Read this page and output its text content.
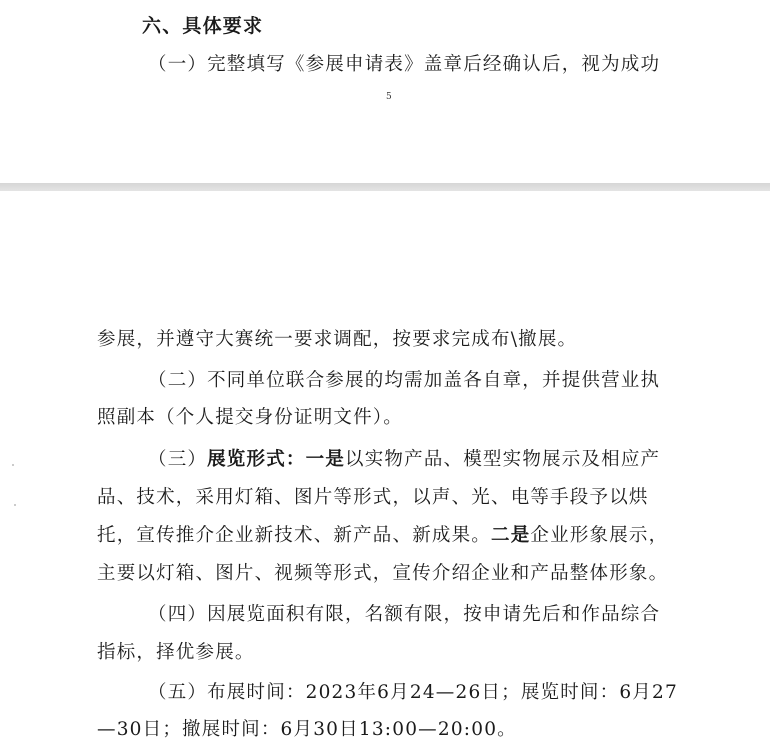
六、具体要求
（一）完整填写《参展申请表》盖章后经确认后，视为成功
5
参展，并遵守大赛统一要求调配，按要求完成布\撤展。
（二）不同单位联合参展的均需加盖各自章，并提供营业执
照副本（个人提交身份证明文件）。
（三）展览形式：一是以实物产品、模型实物展示及相应产
品、技术，采用灯箱、图片等形式，以声、光、电等手段予以烘
托，宣传推介企业新技术、新产品、新成果。二是企业形象展示，
主要以灯箱、图片、视频等形式，宣传介绍企业和产品整体形象。
（四）因展览面积有限，名额有限，按申请先后和作品综合
指标，择优参展。
（五）布展时间：2023年6月24—26日；展览时间：6月27
—30日；撤展时间：6月30日13:00—20:00。
